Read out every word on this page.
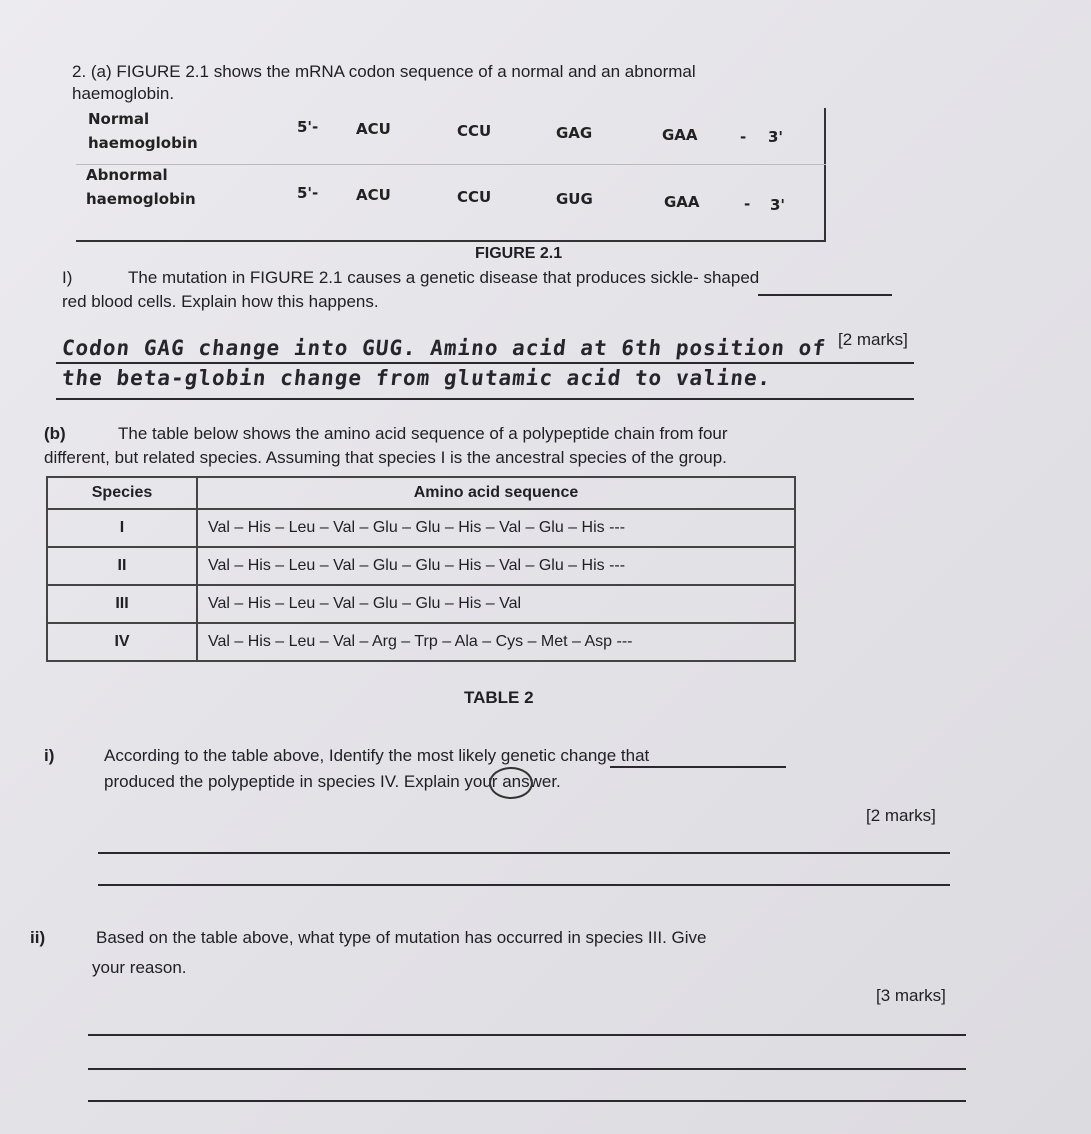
2. (a) FIGURE 2.1 shows the mRNA codon sequence of a normal and an abnormal
haemoglobin.
Normal
haemoglobin
5'-	ACU	CCU	GAG	GAA	- 3'
Abnormal
haemoglobin	5'-	ACU	CCU	GUG	GAA	- 3'
FIGURE 2.1
I)	The mutation in FIGURE 2.1 causes a genetic disease that produces sickle- shaped
red blood cells. Explain how this happens.
[2 marks]
Codon GAG change into GUG. Amino acid at 6th position of
the beta-globin change from glutamic acid to valine.
(b)	The table below shows the amino acid sequence of a polypeptide chain from four
different, but related species. Assuming that species I is the ancestral species of the group.
Species	Amino acid sequence
I	Val – His – Leu – Val – Glu – Glu – His – Val – Glu – His ---
II	Val – His – Leu – Val – Glu – Glu – His – Val – Glu – His ---
III	Val – His – Leu – Val – Glu – Glu – His – Val
IV	Val – His – Leu – Val – Arg – Trp – Ala – Cys – Met – Asp ---
TABLE 2
i)	According to the table above, Identify the most likely genetic change that
produced the polypeptide in species IV. Explain your answer.
[2 marks]
ii)	Based on the table above, what type of mutation has occurred in species III. Give
your reason.
[3 marks]
